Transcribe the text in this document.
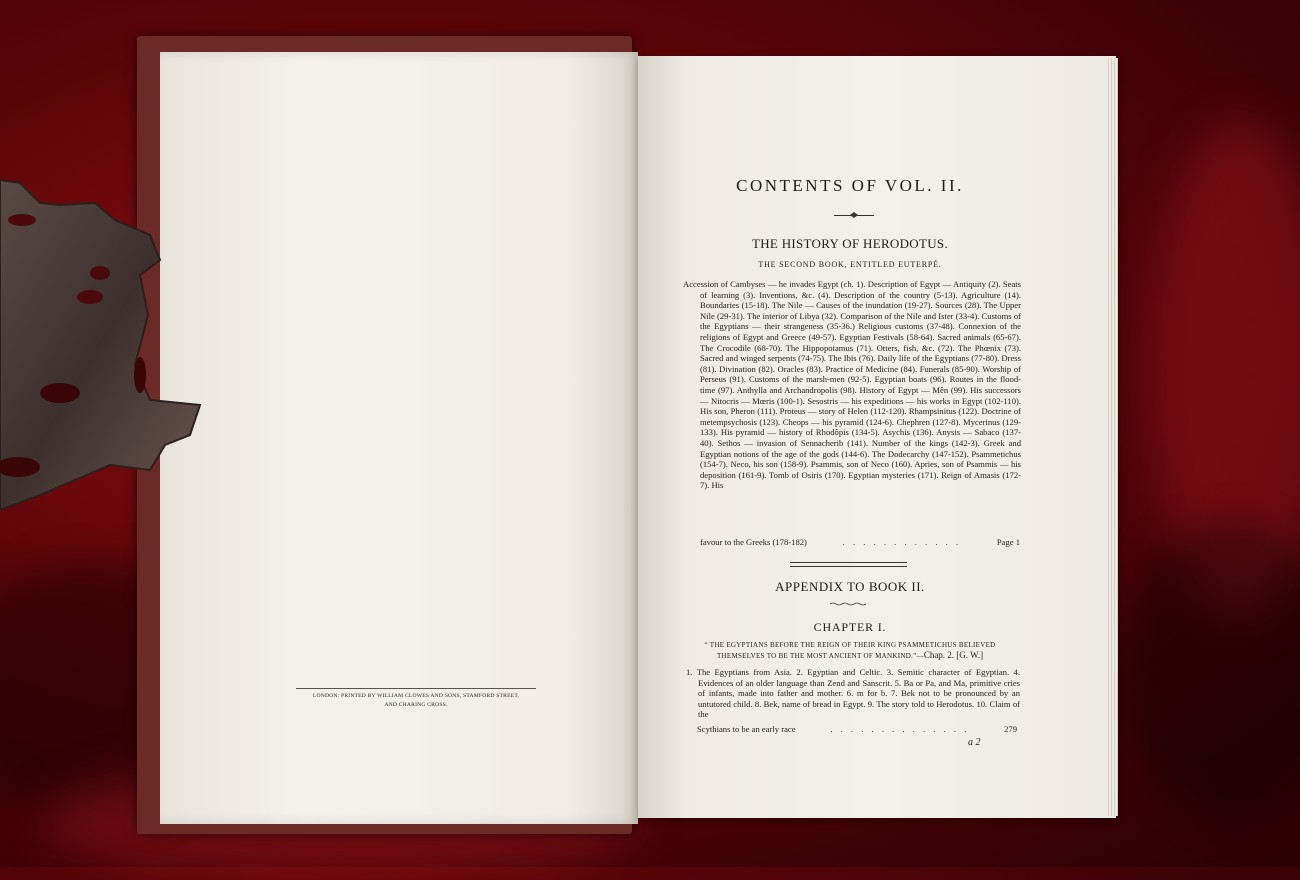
LONDON: PRINTED BY WILLIAM CLOWES AND SONS, STAMFORD STREET,
AND CHARING CROSS.
CONTENTS OF VOL. II.
THE HISTORY OF HERODOTUS.
THE SECOND BOOK, ENTITLED EUTERPÉ.
Accession of Cambyses — he invades Egypt (ch. 1). Description of Egypt — Antiquity (2). Seats of learning (3). Inventions, &c. (4). Description of the country (5-13). Agriculture (14). Boundaries (15-18). The Nile — Causes of the inundation (19-27). Sources (28). The Upper Nile (29-31). The interior of Libya (32). Comparison of the Nile and Ister (33-4). Customs of the Egyptians — their strangeness (35-36.) Religious customs (37-48). Connexion of the religions of Egypt and Greece (49-57). Egyptian Festivals (58-64). Sacred animals (65-67). The Crocodile (68-70). The Hippopotamus (71). Otters, fish, &c. (72). The Phœnix (73). Sacred and winged serpents (74-75). The Ibis (76). Daily life of the Egyptians (77-80). Dress (81). Divination (82). Oracles (83). Practice of Medicine (84). Funerals (85-90). Worship of Perseus (91). Customs of the marsh-men (92-5). Egyptian boats (96). Routes in the flood-time (97). Anthylla and Archandropolis (98). History of Egypt — Mên (99). His successors — Nitocris — Mœris (100-1). Sesostris — his expeditions — his works in Egypt (102-110). His son, Pheron (111). Proteus — story of Helen (112-120). Rhampsinitus (122). Doctrine of metempsychosis (123). Cheops — his pyramid (124-6). Chephren (127-8). Mycerinus (129-133). His pyramid — history of Rhodôpis (134-5). Asychis (136). Anysis — Sabaco (137-40). Sethos — invasion of Sennacherib (141). Number of the kings (142-3). Greek and Egyptian notions of the age of the gods (144-6). The Dodecarchy (147-152). Psammetichus (154-7). Neco, his son (158-9). Psammis, son of Neco (160). Apries, son of Psammis — his deposition (161-9). Tomb of Osiris (170). Egyptian mysteries (171). Reign of Amasis (172-7). His
favour to the Greeks (178-182)	. . . . . . . . . . . .	Page 1
APPENDIX TO BOOK II.
CHAPTER I.
“ THE EGYPTIANS BEFORE THE REIGN OF THEIR KING PSAMMETICHUS BELIEVED THEMSELVES TO BE THE MOST ANCIENT OF MANKIND.”—Chap. 2. [G. W.]
1. The Egyptians from Asia. 2. Egyptian and Celtic. 3. Semitic character of Egyptian. 4. Evidences of an older language than Zend and Sanscrit. 5. Ba or Pa, and Ma, primitive cries of infants, made into father and mother. 6. m for b. 7. Bek not to be pronounced by an untutored child. 8. Bek, name of bread in Egypt. 9. The story told to Herodotus. 10. Claim of the
Scythians to be an early race	. . . . . . . . . . . . . .	279
a 2
